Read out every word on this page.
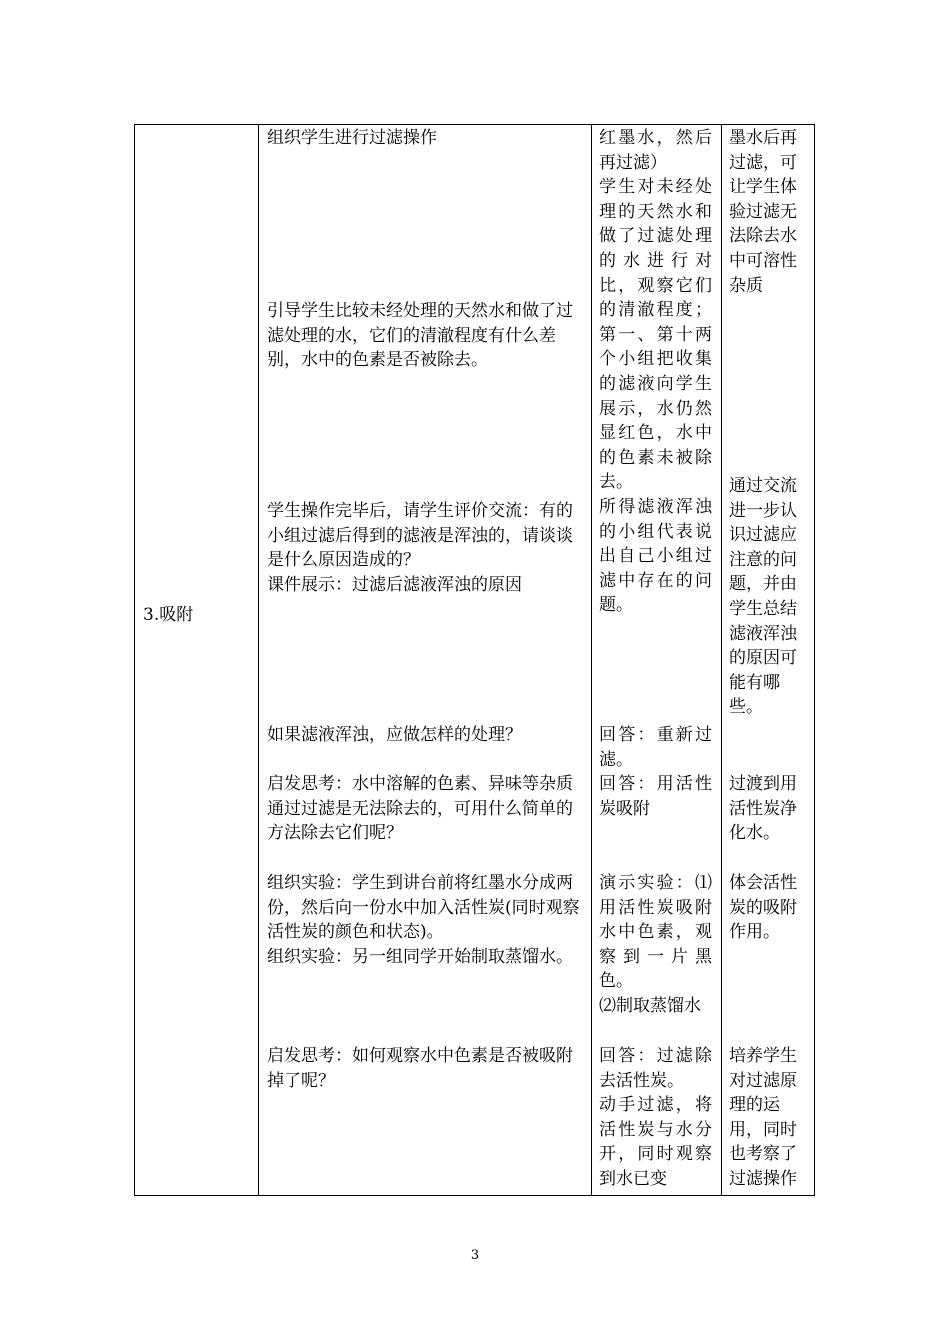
3.吸附
组织学生进行过滤操作
引导学生比较未经处理的天然水和做了过滤处理的水，它们的清澈程度有什么差别，水中的色素是否被除去。
学生操作完毕后，请学生评价交流：有的小组过滤后得到的滤液是浑浊的，请谈谈是什么原因造成的？
课件展示：过滤后滤液浑浊的原因
如果滤液浑浊，应做怎样的处理？
启发思考：水中溶解的色素、异味等杂质通过过滤是无法除去的，可用什么简单的方法除去它们呢？
组织实验：学生到讲台前将红墨水分成两份，然后向一份水中加入活性炭(同时观察活性炭的颜色和状态)。
组织实验：另一组同学开始制取蒸馏水。
启发思考：如何观察水中色素是否被吸附掉了呢？
红墨水，然后再过滤）
学生对未经处理的天然水和做了过滤处理的水进行对比，观察它们的清澈程度；第一、第十两个小组把收集的滤液向学生展示，水仍然显红色，水中的色素未被除去。
所得滤液浑浊的小组代表说出自己小组过滤中存在的问题。
回答：重新过滤。
回答：用活性炭吸附
演示实验：⑴用活性炭吸附水中色素，观察到一片黑色。
⑵制取蒸馏水
回答：过滤除去活性炭。
动手过滤，将活性炭与水分开，同时观察到水已变
墨水后再过滤，可让学生体验过滤无法除去水中可溶性杂质
通过交流进一步认识过滤应注意的问题，并由学生总结滤液浑浊的原因可能有哪些。
过渡到用活性炭净化水。
体会活性炭的吸附作用。
培养学生对过滤原理的运用，同时也考察了过滤操作
3
